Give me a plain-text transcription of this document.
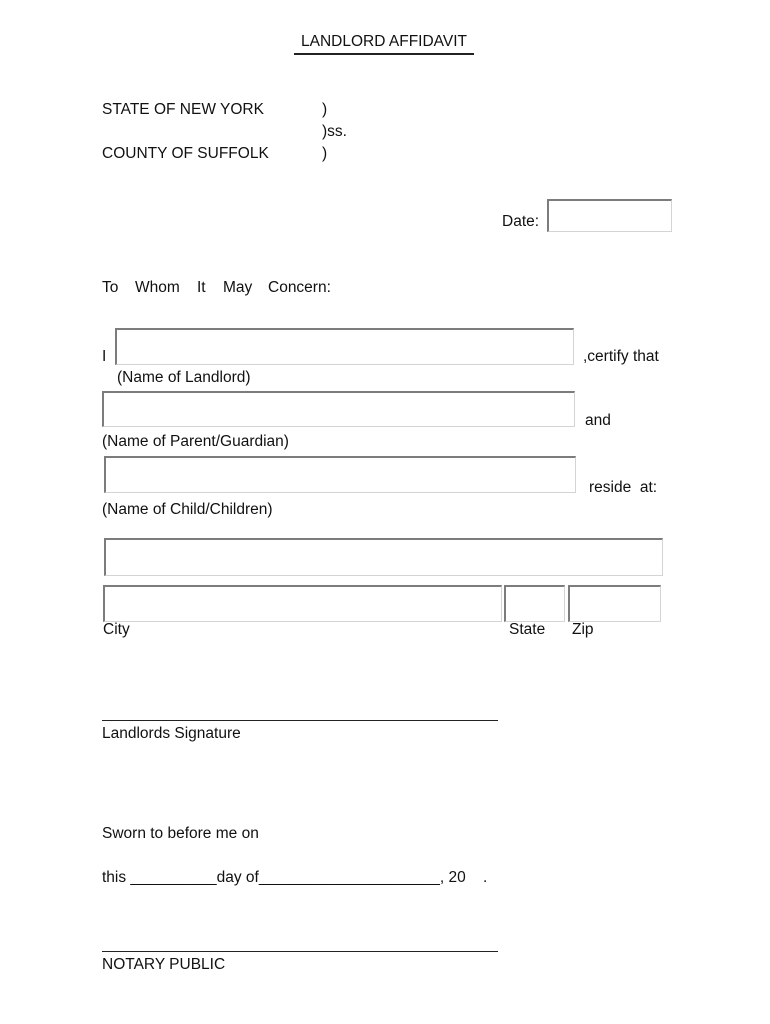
LANDLORD AFFIDAVIT
STATE OF NEW YORK	)
)ss.
COUNTY OF SUFFOLK	)
Date:
To Whom It May Concern:
I	,certify that
(Name of Landlord)
and
(Name of Parent/Guardian)
reside  at:
(Name of Child/Children)
City	State Zip
Landlords Signature
Sworn to before me on
this __________day of_____________________, 20    .
NOTARY PUBLIC
